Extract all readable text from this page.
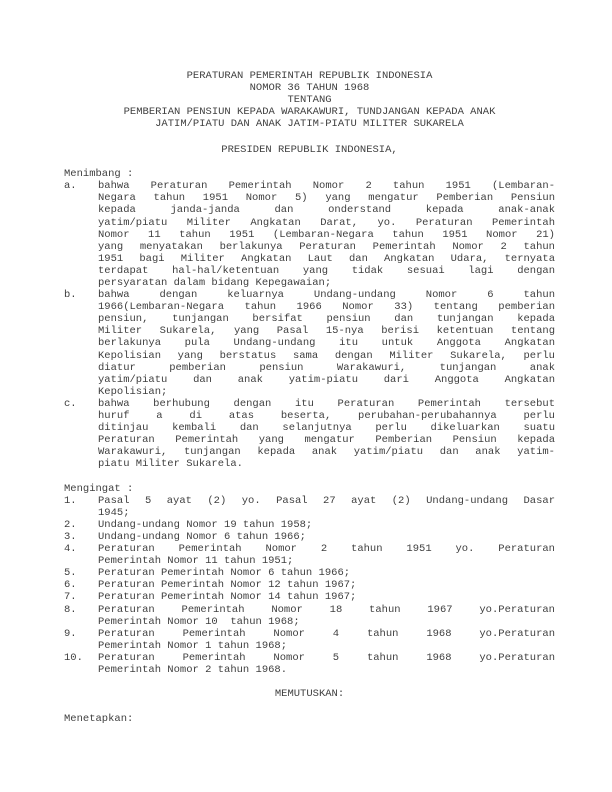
PERATURAN PEMERINTAH REPUBLIK INDONESIA
NOMOR 36 TAHUN 1968
TENTANG
PEMBERIAN PENSIUN KEPADA WARAKAWURI, TUNDJANGAN KEPADA ANAK
JATIM/PIATU DAN ANAK JATIM-PIATU MILITER SUKARELA
PRESIDEN REPUBLIK INDONESIA,
Menimbang :
a.	bahwa Peraturan Pemerintah Nomor 2 tahun 1951 (Lembaran-
Negara tahun 1951 Nomor 5) yang mengatur Pemberian Pensiun
kepada janda-janda dan onderstand kepada anak-anak
yatim/piatu Militer Angkatan Darat, yo. Peraturan Pemerintah
Nomor 11 tahun 1951 (Lembaran-Negara tahun 1951 Nomor 21)
yang menyatakan berlakunya Peraturan Pemerintah Nomor 2 tahun
1951 bagi Militer Angkatan Laut dan Angkatan Udara, ternyata
terdapat hal-hal/ketentuan yang tidak sesuai lagi dengan
persyaratan dalam bidang Kepegawaian;
b.	bahwa dengan keluarnya Undang-undang Nomor 6 tahun
1966(Lembaran-Negara tahun 1966 Nomor 33) tentang pemberian
pensiun, tunjangan bersifat pensiun dan tunjangan kepada
Militer Sukarela, yang Pasal 15-nya berisi ketentuan tentang
berlakunya pula Undang-undang itu untuk Anggota Angkatan
Kepolisian yang berstatus sama dengan Militer Sukarela, perlu
diatur pemberian pensiun Warakawuri, tunjangan anak
yatim/piatu dan anak yatim-piatu dari Anggota Angkatan
Kepolisian;
c.	bahwa berhubung dengan itu Peraturan Pemerintah tersebut
huruf a di atas beserta, perubahan-perubahannya perlu
ditinjau kembali dan selanjutnya perlu dikeluarkan suatu
Peraturan Pemerintah yang mengatur Pemberian Pensiun kepada
Warakawuri, tunjangan kepada anak yatim/piatu dan anak yatim-
piatu Militer Sukarela.
Mengingat :
1.	Pasal 5 ayat (2) yo. Pasal 27 ayat (2) Undang-undang Dasar
1945;
2.	Undang-undang Nomor 19 tahun 1958;
3.	Undang-undang Nomor 6 tahun 1966;
4.	Peraturan Pemerintah Nomor 2 tahun 1951 yo. Peraturan
Pemerintah Nomor 11 tahun 1951;
5.	Peraturan Pemerintah Nomor 6 tahun 1966;
6.	Peraturan Pemerintah Nomor 12 tahun 1967;
7.	Peraturan Pemerintah Nomor 14 tahun 1967;
8.	Peraturan Pemerintah Nomor 18 tahun 1967 yo.Peraturan
Pemerintah Nomor 10  tahun 1968;
9.	Peraturan Pemerintah Nomor 4 tahun 1968 yo.Peraturan
Pemerintah Nomor 1 tahun 1968;
10.	Peraturan Pemerintah Nomor 5 tahun 1968 yo.Peraturan
Pemerintah Nomor 2 tahun 1968.
MEMUTUSKAN:
Menetapkan:
